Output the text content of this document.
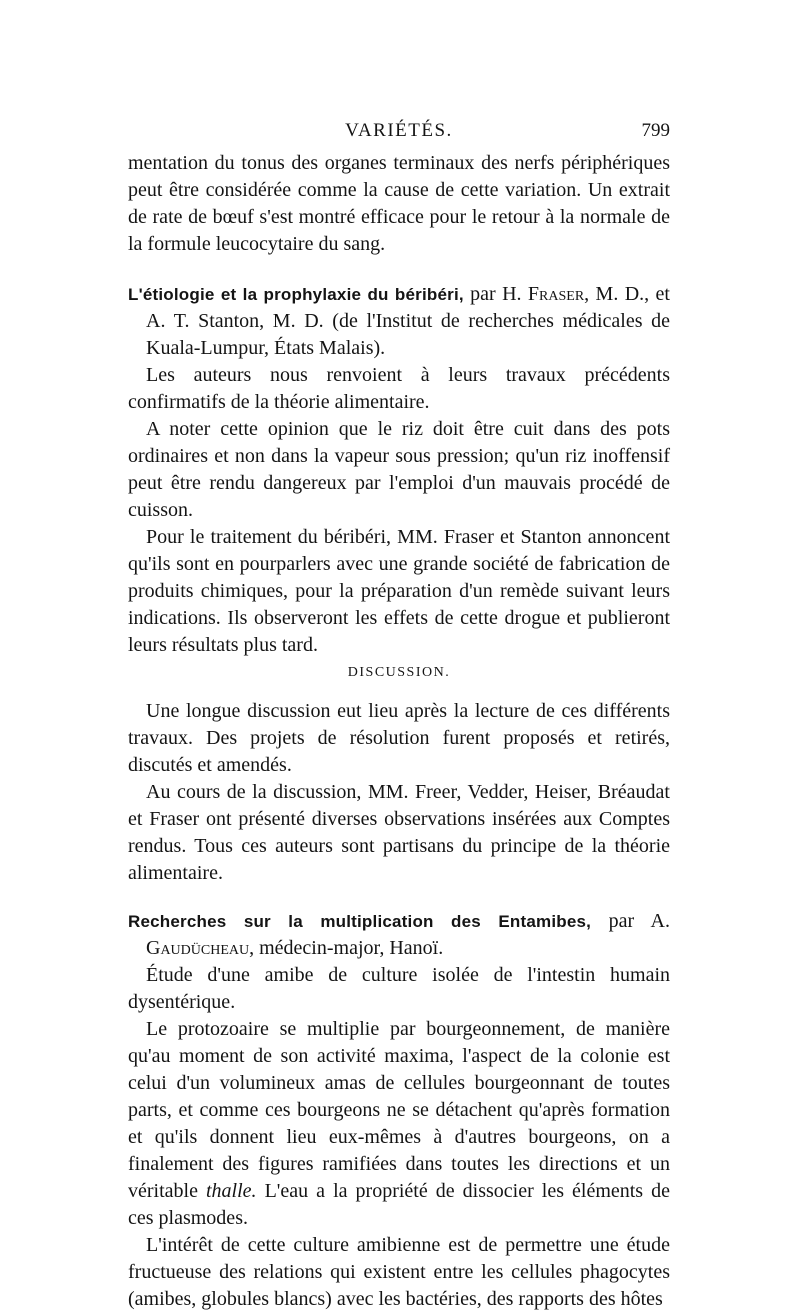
VARIÉTÉS.	799

mentation du tonus des organes terminaux des nerfs périphériques peut être considérée comme la cause de cette variation. Un extrait de rate de bœuf s'est montré efficace pour le retour à la normale de la formule leucocytaire du sang.

L'étiologie et la prophylaxie du béribéri, par H. Fraser, M. D., et A. T. Stanton, M. D. (de l'Institut de recherches médicales de Kuala-Lumpur, États Malais).

Les auteurs nous renvoient à leurs travaux précédents confirmatifs de la théorie alimentaire.

A noter cette opinion que le riz doit être cuit dans des pots ordinaires et non dans la vapeur sous pression; qu'un riz inoffensif peut être rendu dangereux par l'emploi d'un mauvais procédé de cuisson.

Pour le traitement du béribéri, MM. Fraser et Stanton annoncent qu'ils sont en pourparlers avec une grande société de fabrication de produits chimiques, pour la préparation d'un remède suivant leurs indications. Ils observeront les effets de cette drogue et publieront leurs résultats plus tard.

DISCUSSION.

Une longue discussion eut lieu après la lecture de ces différents travaux. Des projets de résolution furent proposés et retirés, discutés et amendés.

Au cours de la discussion, MM. Freer, Vedder, Heiser, Bréaudat et Fraser ont présenté diverses observations insérées aux Comptes rendus. Tous ces auteurs sont partisans du principe de la théorie alimentaire.

Recherches sur la multiplication des Entamibes, par A. Gaudücheau, médecin-major, Hanoï.

Étude d'une amibe de culture isolée de l'intestin humain dysentérique.

Le protozoaire se multiplie par bourgeonnement, de manière qu'au moment de son activité maxima, l'aspect de la colonie est celui d'un volumineux amas de cellules bourgeonnant de toutes parts, et comme ces bourgeons ne se détachent qu'après formation et qu'ils donnent lieu eux-mêmes à d'autres bourgeons, on a finalement des figures ramifiées dans toutes les directions et un véritable thalle. L'eau a la propriété de dissocier les éléments de ces plasmodes.

L'intérêt de cette culture amibienne est de permettre une étude fructueuse des relations qui existent entre les cellules phagocytes (amibes, globules blancs) avec les bactéries, des rapports des hôtes
